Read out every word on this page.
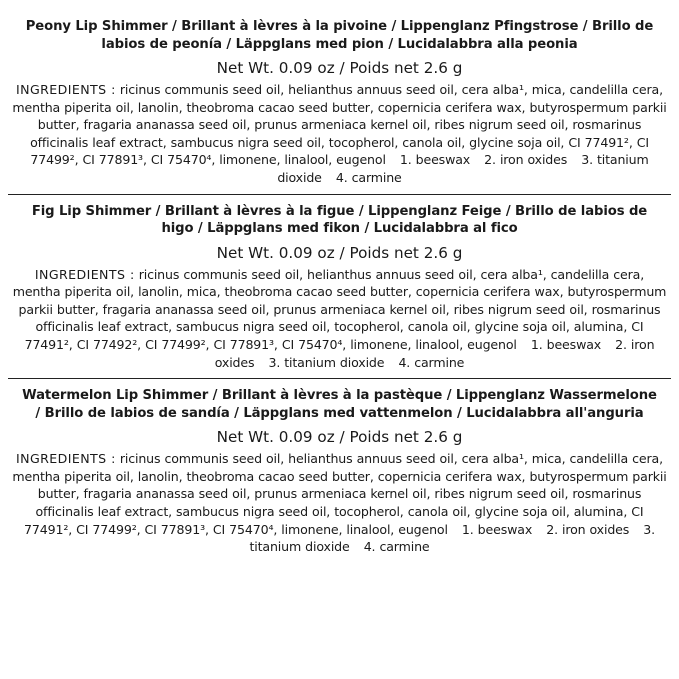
Peony Lip Shimmer / Brillant à lèvres à la pivoine / Lippenglanz Pfingstrose / Brillo de labios de peonía / Läppglans med pion / Lucidalabbra alla peonia
Net Wt. 0.09 oz / Poids net 2.6 g
INGREDIENTS : ricinus communis seed oil, helianthus annuus seed oil, cera alba¹, mica, candelilla cera, mentha piperita oil, lanolin, theobroma cacao seed butter, copernicia cerifera wax, butyrospermum parkii butter, fragaria ananassa seed oil, prunus armeniaca kernel oil, ribes nigrum seed oil, rosmarinus officinalis leaf extract, sambucus nigra seed oil, tocopherol, canola oil, glycine soja oil, CI 77491², CI 77499², CI 77891³, CI 75470⁴, limonene, linalool, eugenol 1. beeswax 2. iron oxides 3. titanium dioxide 4. carmine
Fig Lip Shimmer / Brillant à lèvres à la figue / Lippenglanz Feige / Brillo de labios de higo / Läppglans med fikon / Lucidalabbra al fico
Net Wt. 0.09 oz / Poids net 2.6 g
INGREDIENTS : ricinus communis seed oil, helianthus annuus seed oil, cera alba¹, candelilla cera, mentha piperita oil, lanolin, mica, theobroma cacao seed butter, copernicia cerifera wax, butyrospermum parkii butter, fragaria ananassa seed oil, prunus armeniaca kernel oil, ribes nigrum seed oil, rosmarinus officinalis leaf extract, sambucus nigra seed oil, tocopherol, canola oil, glycine soja oil, alumina, CI 77491², CI 77492², CI 77499², CI 77891³, CI 75470⁴, limonene, linalool, eugenol 1. beeswax 2. iron oxides 3. titanium dioxide 4. carmine
Watermelon Lip Shimmer / Brillant à lèvres à la pastèque / Lippenglanz Wassermelone / Brillo de labios de sandía / Läppglans med vattenmelon / Lucidalabbra all'anguria
Net Wt. 0.09 oz / Poids net 2.6 g
INGREDIENTS : ricinus communis seed oil, helianthus annuus seed oil, cera alba¹, mica, candelilla cera, mentha piperita oil, lanolin, theobroma cacao seed butter, copernicia cerifera wax, butyrospermum parkii butter, fragaria ananassa seed oil, prunus armeniaca kernel oil, ribes nigrum seed oil, rosmarinus officinalis leaf extract, sambucus nigra seed oil, tocopherol, canola oil, glycine soja oil, alumina, CI 77491², CI 77499², CI 77891³, CI 75470⁴, limonene, linalool, eugenol 1. beeswax 2. iron oxides 3. titanium dioxide 4. carmine
